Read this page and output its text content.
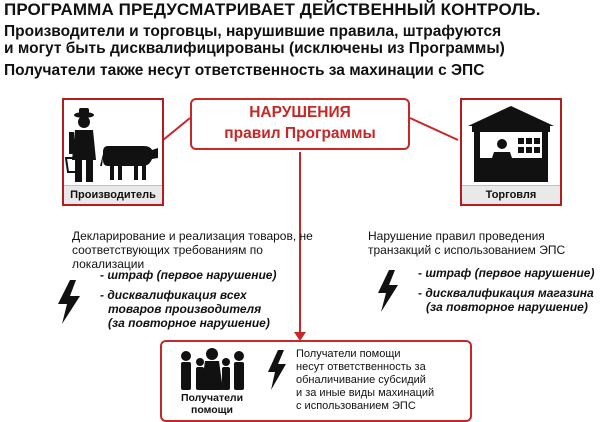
ПРОГРАММА ПРЕДУСМАТРИВАЕТ ДЕЙСТВЕННЫЙ КОНТРОЛЬ.
Производители и торговцы, нарушившие правила, штрафуются
и могут быть дисквалифицированы (исключены из Программы)
Получатели также несут ответственность за махинации с ЭПС
НАРУШЕНИЯ
правил Программы
Производитель	Торговля
Декларирование и реализация товаров, не
соответствующих требованиям по
локализации
- штраф (первое нарушение)
- дисквалификация всех
товаров производителя
(за повторное нарушение)
Нарушение правил проведения
транзакций с использованием ЭПС
- штраф (первое нарушение)
- дисквалификация магазина
(за повторное нарушение)
Получатели
помощи
Получатели помощи
несут ответственность за
обналичивание субсидий
и за иные виды махинаций
с использованием ЭПС
